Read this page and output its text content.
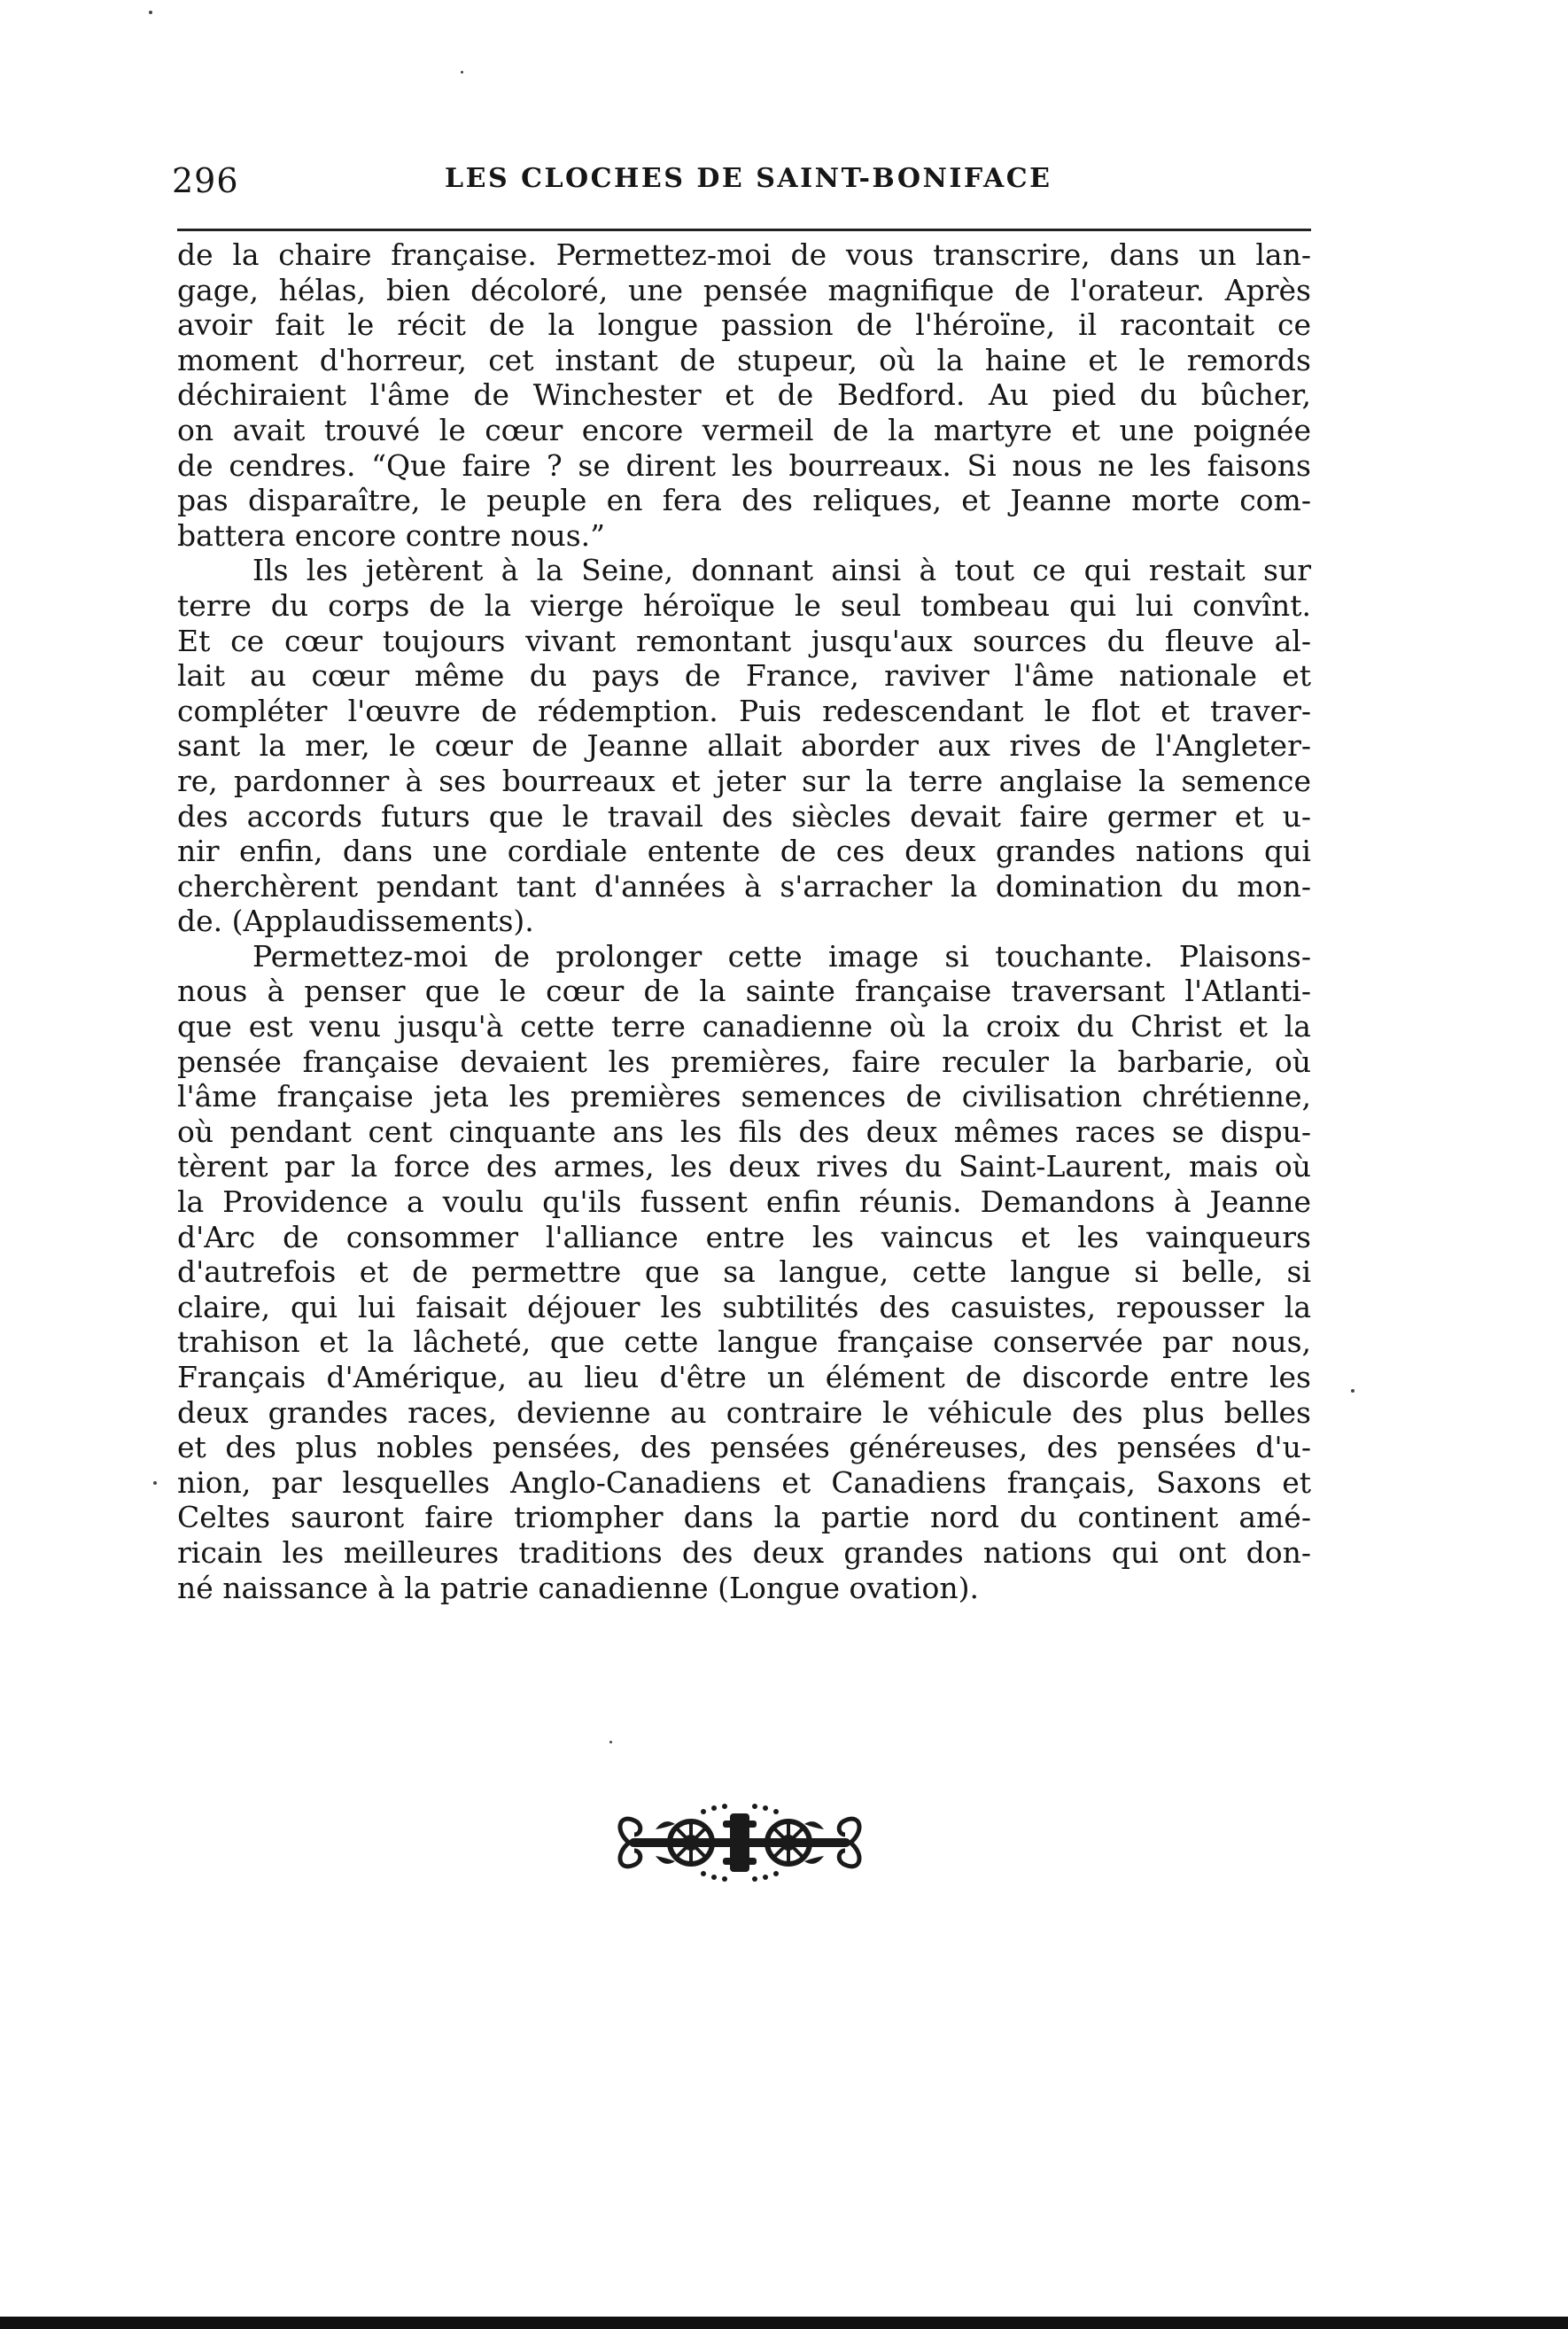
296	LES CLOCHES DE SAINT-BONIFACE
de la chaire française. Permettez-moi de vous transcrire, dans un lan-
gage, hélas, bien décoloré, une pensée magnifique de l'orateur. Après
avoir fait le récit de la longue passion de l'héroïne, il racontait ce
moment d'horreur, cet instant de stupeur, où la haine et le remords
déchiraient l'âme de Winchester et de Bedford. Au pied du bûcher,
on avait trouvé le cœur encore vermeil de la martyre et une poignée
de cendres. “Que faire ? se dirent les bourreaux. Si nous ne les faisons
pas disparaître, le peuple en fera des reliques, et Jeanne morte com-
battera encore contre nous.”
Ils les jetèrent à la Seine, donnant ainsi à tout ce qui restait sur
terre du corps de la vierge héroïque le seul tombeau qui lui convînt.
Et ce cœur toujours vivant remontant jusqu'aux sources du fleuve al-
lait au cœur même du pays de France, raviver l'âme nationale et
compléter l'œuvre de rédemption. Puis redescendant le flot et traver-
sant la mer, le cœur de Jeanne allait aborder aux rives de l'Angleter-
re, pardonner à ses bourreaux et jeter sur la terre anglaise la semence
des accords futurs que le travail des siècles devait faire germer et u-
nir enfin, dans une cordiale entente de ces deux grandes nations qui
cherchèrent pendant tant d'années à s'arracher la domination du mon-
de. (Applaudissements).
Permettez-moi de prolonger cette image si touchante. Plaisons-
nous à penser que le cœur de la sainte française traversant l'Atlanti-
que est venu jusqu'à cette terre canadienne où la croix du Christ et la
pensée française devaient les premières, faire reculer la barbarie, où
l'âme française jeta les premières semences de civilisation chrétienne,
où pendant cent cinquante ans les fils des deux mêmes races se dispu-
tèrent par la force des armes, les deux rives du Saint-Laurent, mais où
la Providence a voulu qu'ils fussent enfin réunis. Demandons à Jeanne
d'Arc de consommer l'alliance entre les vaincus et les vainqueurs
d'autrefois et de permettre que sa langue, cette langue si belle, si
claire, qui lui faisait déjouer les subtilités des casuistes, repousser la
trahison et la lâcheté, que cette langue française conservée par nous,
Français d'Amérique, au lieu d'être un élément de discorde entre les
deux grandes races, devienne au contraire le véhicule des plus belles
et des plus nobles pensées, des pensées généreuses, des pensées d'u-
nion, par lesquelles Anglo-Canadiens et Canadiens français, Saxons et
Celtes sauront faire triompher dans la partie nord du continent amé-
ricain les meilleures traditions des deux grandes nations qui ont don-
né naissance à la patrie canadienne (Longue ovation).
